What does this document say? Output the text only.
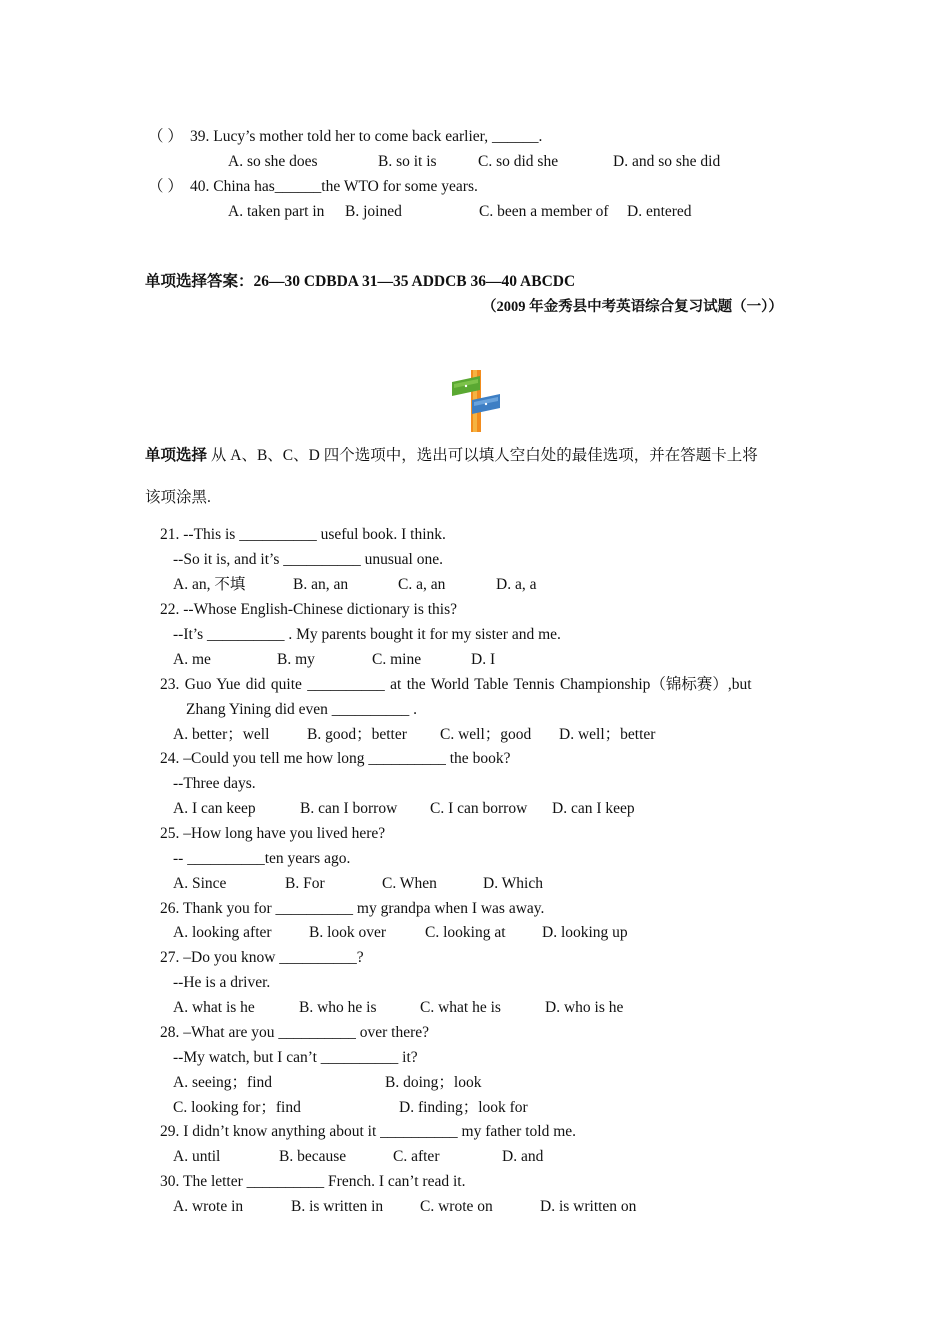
（ ） 39. Lucy’s mother told her to come back earlier, ______.
A. so she does	B. so it is	C. so did she	D. and so she did
（ ） 40. China has______the WTO for some years.
A. taken part in B. joined	C. been a member of D. entered
单项选择答案：26—30 CDBDA 31—35 ADDCB 36—40 ABCDC
（2009 年金秀县中考英语综合复习试题（一））
单项选择 从 A、B、C、D 四个选项中，选出可以填人空白处的最佳选项，并在答题卡上将
该项涂黑.
21. --This is __________ useful book. I think.
--So it is, and it’s __________ unusual one.
A. an, 不填	B. an, an	C. a, an	D. a, a
22. --Whose English-Chinese dictionary is this?
--It’s __________ . My parents bought it for my sister and me.
A. me	B. my	C. mine	D. I
23. Guo Yue did quite __________ at the World Table Tennis Championship（锦标赛）,but
Zhang Yining did even __________ .
A. better；well B. good；better C. well；good D. well；better
24. –Could you tell me how long __________ the book?
--Three days.
A. I can keep	B. can I borrow C. I can borrow D. can I keep
25. –How long have you lived here?
-- __________ten years ago.
A. Since	B. For	C. When	D. Which
26. Thank you for __________ my grandpa when I was away.
A. looking after B. look over	C. looking at D. looking up
27. –Do you know __________?
--He is a driver.
A. what is he	B. who he is	C. what he is	D. who is he
28. –What are you __________ over there?
--My watch, but I can’t __________ it?
A. seeing；find	B. doing；look
C. looking for；find	D. finding；look for
29. I didn’t know anything about it __________ my father told me.
A. until	B. because	C. after	D. and
30. The letter __________ French. I can’t read it.
A. wrote in	B. is written in C. wrote on	D. is written on
